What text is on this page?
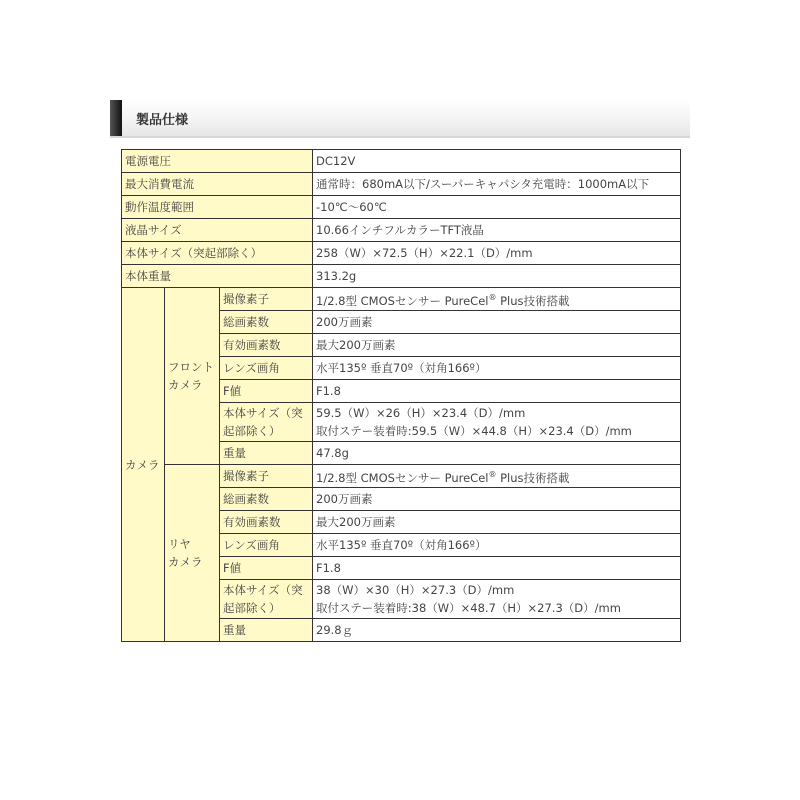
製品仕様
電源電圧			DC12V
最大消費電流			通常時：680mA以下/スーパーキャパシタ充電時：1000mA以下
動作温度範囲			-10℃～60℃
液晶サイズ			10.66インチフルカラーTFT液晶
本体サイズ（突起部除く）			258（W）×72.5（H）×22.1（D）/mm
本体重量			313.2g
カメラ	フロント カメラ	撮像素子	1/2.8型 CMOSセンサー PureCel® Plus技術搭載
		総画素数	200万画素
		有効画素数	最大200万画素
		レンズ画角	水平135º 垂直70º（対角166º）
		F値	F1.8
		本体サイズ（突起部除く）	59.5（W）×26（H）×23.4（D）/mm
取付ステー装着時:59.5（W）×44.8（H）×23.4（D）/mm
		重量	47.8g

	リヤ カメラ	撮像素子	1/2.8型 CMOSセンサー PureCel® Plus技術搭載
		総画素数	200万画素
		有効画素数	最大200万画素
		レンズ画角	水平135º 垂直70º（対角166º）
		F値	F1.8
		本体サイズ（突起部除く）	38（W）×30（H）×27.3（D）/mm
取付ステー装着時:38（W）×48.7（H）×27.3（D）/mm
		重量	29.8ｇ
